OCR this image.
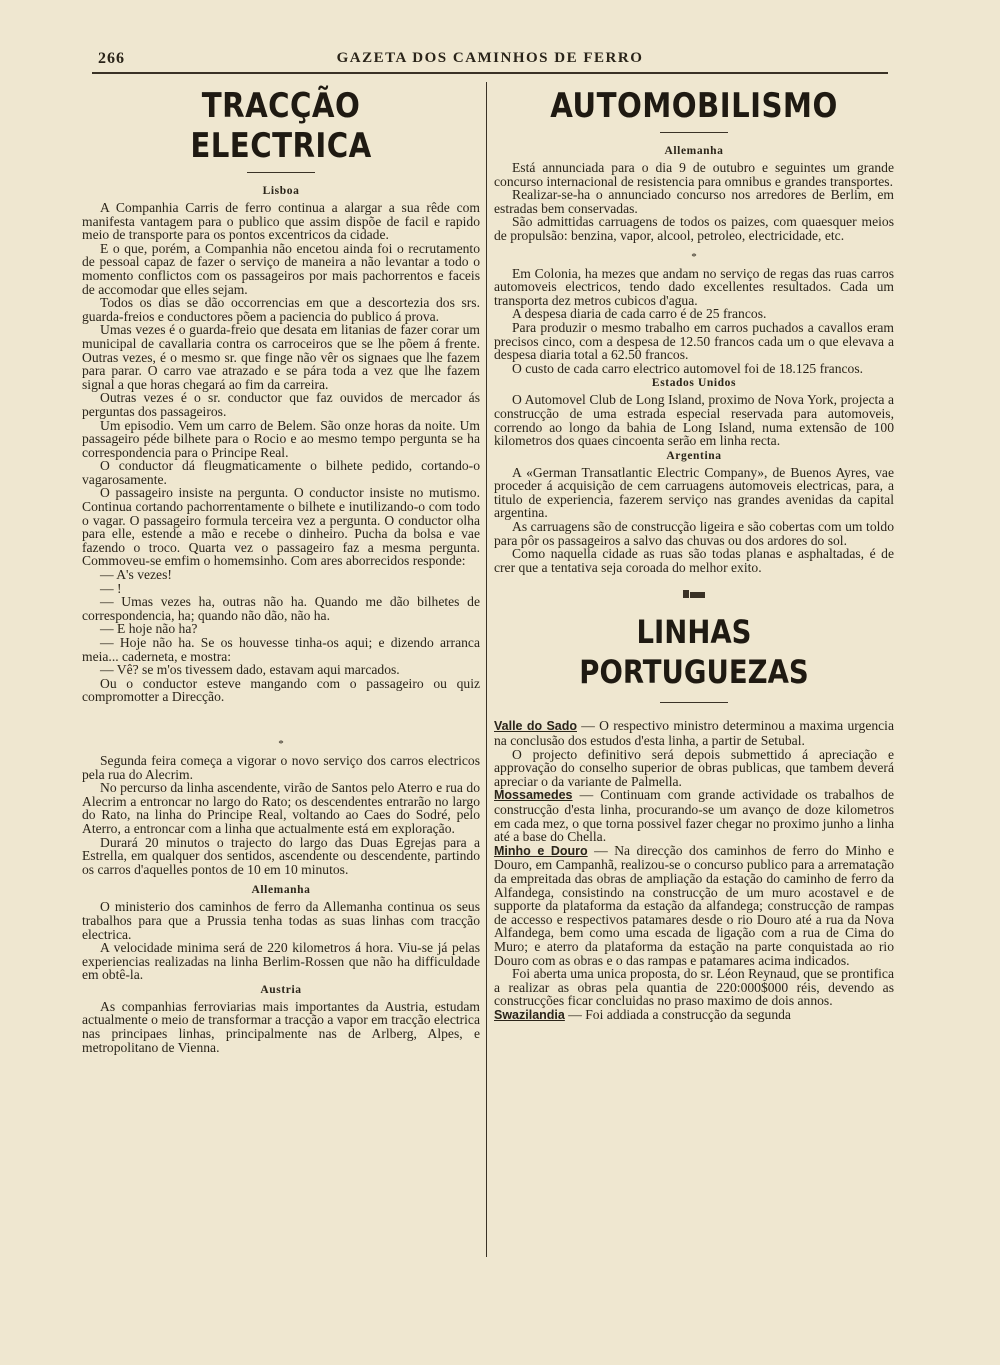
266	GAZETA DOS CAMINHOS DE FERRO
TRACÇÃO ELECTRICA
Lisboa

A Companhia Carris de ferro continua a alargar a sua rêde com manifesta vantagem para o publico que assim dispõe de facil e rapido meio de transporte para os pontos excentricos da cidade.

E o que, porém, a Companhia não encetou ainda foi o recrutamento de pessoal capaz de fazer o serviço de maneira a não levantar a todo o momento conflictos com os passageiros por mais pachorrentos e faceis de accomodar que elles sejam.

Todos os dias se dão occorrencias em que a descortezia dos srs. guarda-freios e conductores põem a paciencia do publico á prova.

Umas vezes é o guarda-freio que desata em litanias de fazer corar um municipal de cavallaria contra os carroceiros que se lhe põem á frente. Outras vezes, é o mesmo sr. que finge não vêr os signaes que lhe fazem para parar. O carro vae atrazado e se pára toda a vez que lhe fazem signal a que horas chegará ao fim da carreira.

Outras vezes é o sr. conductor que faz ouvidos de mercador ás perguntas dos passageiros.

Um episodio. Vem um carro de Belem. São onze horas da noite. Um passageiro péde bilhete para o Rocio e ao mesmo tempo pergunta se ha correspondencia para o Principe Real.

O conductor dá fleugmaticamente o bilhete pedido, cortando-o vagarosamente.

O passageiro insiste na pergunta. O conductor insiste no mutismo. Continua cortando pachorrentamente o bilhete e inutilizando-o com todo o vagar. O passageiro formula terceira vez a pergunta. O conductor olha para elle, estende a mão e recebe o dinheiro. Pucha da bolsa e vae fazendo o troco. Quarta vez o passageiro faz a mesma pergunta. Commoveu-se emfim o homemsinho. Com ares aborrecidos responde:

— A's vezes!

— !

— Umas vezes ha, outras não ha. Quando me dão bilhetes de correspondencia, ha; quando não dão, não ha.

— E hoje não ha?

— Hoje não ha. Se os houvesse tinha-os aqui; e dizendo arranca meia... caderneta, e mostra:

— Vê? se m'os tivessem dado, estavam aqui marcados.

Ou o conductor esteve mangando com o passageiro ou quiz compromotter a Direcção.

*

Segunda feira começa a vigorar o novo serviço dos carros electricos pela rua do Alecrim.

No percurso da linha ascendente, virão de Santos pelo Aterro e rua do Alecrim a entroncar no largo do Rato; os descendentes entrarão no largo do Rato, na linha do Principe Real, voltando ao Caes do Sodré, pelo Aterro, a entroncar com a linha que actualmente está em exploração.

Durará 20 minutos o trajecto do largo das Duas Egrejas para a Estrella, em qualquer dos sentidos, ascendente ou descendente, partindo os carros d'aquelles pontos de 10 em 10 minutos.

Allemanha

O ministerio dos caminhos de ferro da Allemanha continua os seus trabalhos para que a Prussia tenha todas as suas linhas com tracção electrica.

A velocidade minima será de 220 kilometros á hora. Viu-se já pelas experiencias realizadas na linha Berlim-Rossen que não ha difficuldade em obtê-la.

Austria

As companhias ferroviarias mais importantes da Austria, estudam actualmente o meio de transformar a tracção a vapor em tracção electrica nas principaes linhas, principalmente nas de Arlberg, Alpes, e metropolitano de Vienna.

AUTOMOBILISMO
Allemanha

Está annunciada para o dia 9 de outubro e seguintes um grande concurso internacional de resistencia para omnibus e grandes transportes.

Realizar-se-ha o annunciado concurso nos arredores de Berlim, em estradas bem conservadas.

São admittidas carruagens de todos os paizes, com quaesquer meios de propulsão: benzina, vapor, alcool, petroleo, electricidade, etc.

*

Em Colonia, ha mezes que andam no serviço de regas das ruas carros automoveis electricos, tendo dado excellentes resultados. Cada um transporta dez metros cubicos d'agua.

A despesa diaria de cada carro é de 25 francos.

Para produzir o mesmo trabalho em carros puchados a cavallos eram precisos cinco, com a despesa de 12.50 francos cada um o que elevava a despesa diaria total a 62.50 francos.

O custo de cada carro electrico automovel foi de 18.125 francos.

Estados Unidos

O Automovel Club de Long Island, proximo de Nova York, projecta a construcção de uma estrada especial reservada para automoveis, correndo ao longo da bahia de Long Island, numa extensão de 100 kilometros dos quaes cincoenta serão em linha recta.

Argentina

A «German Transatlantic Electric Company», de Buenos Ayres, vae proceder á acquisição de cem carruagens automoveis electricas, para, a titulo de experiencia, fazerem serviço nas grandes avenidas da capital argentina.

As carruagens são de construcção ligeira e são cobertas com um toldo para pôr os passageiros a salvo das chuvas ou dos ardores do sol.

Como naquella cidade as ruas são todas planas e asphaltadas, é de crer que a tentativa seja coroada do melhor exito.

LINHAS PORTUGUEZAS

Valle do Sado — O respectivo ministro determinou a maxima urgencia na conclusão dos estudos d'esta linha, a partir de Setubal.

O projecto definitivo será depois submettido á apreciação e approvação do conselho superior de obras publicas, que tambem deverá apreciar o da variante de Palmella.

Mossamedes — Continuam com grande actividade os trabalhos de construcção d'esta linha, procurando-se um avanço de doze kilometros em cada mez, o que torna possivel fazer chegar no proximo junho a linha até a base do Chella.

Minho e Douro — Na direcção dos caminhos de ferro do Minho e Douro, em Campanhã, realizou-se o concurso publico para a arrematação da empreitada das obras de ampliação da estação do caminho de ferro da Alfandega, consistindo na construcção de um muro acostavel e de supporte da plataforma da estação da alfandega; construcção de rampas de accesso e respectivos patamares desde o rio Douro até a rua da Nova Alfandega, bem como uma escada de ligação com a rua de Cima do Muro; e aterro da plataforma da estação na parte conquistada ao rio Douro com as obras e o das rampas e patamares acima indicados.

Foi aberta uma unica proposta, do sr. Léon Reynaud, que se prontifica a realizar as obras pela quantia de 220:000$000 réis, devendo as construcções ficar concluidas no praso maximo de dois annos.

Swazilandia — Foi addiada a construcção da segunda
